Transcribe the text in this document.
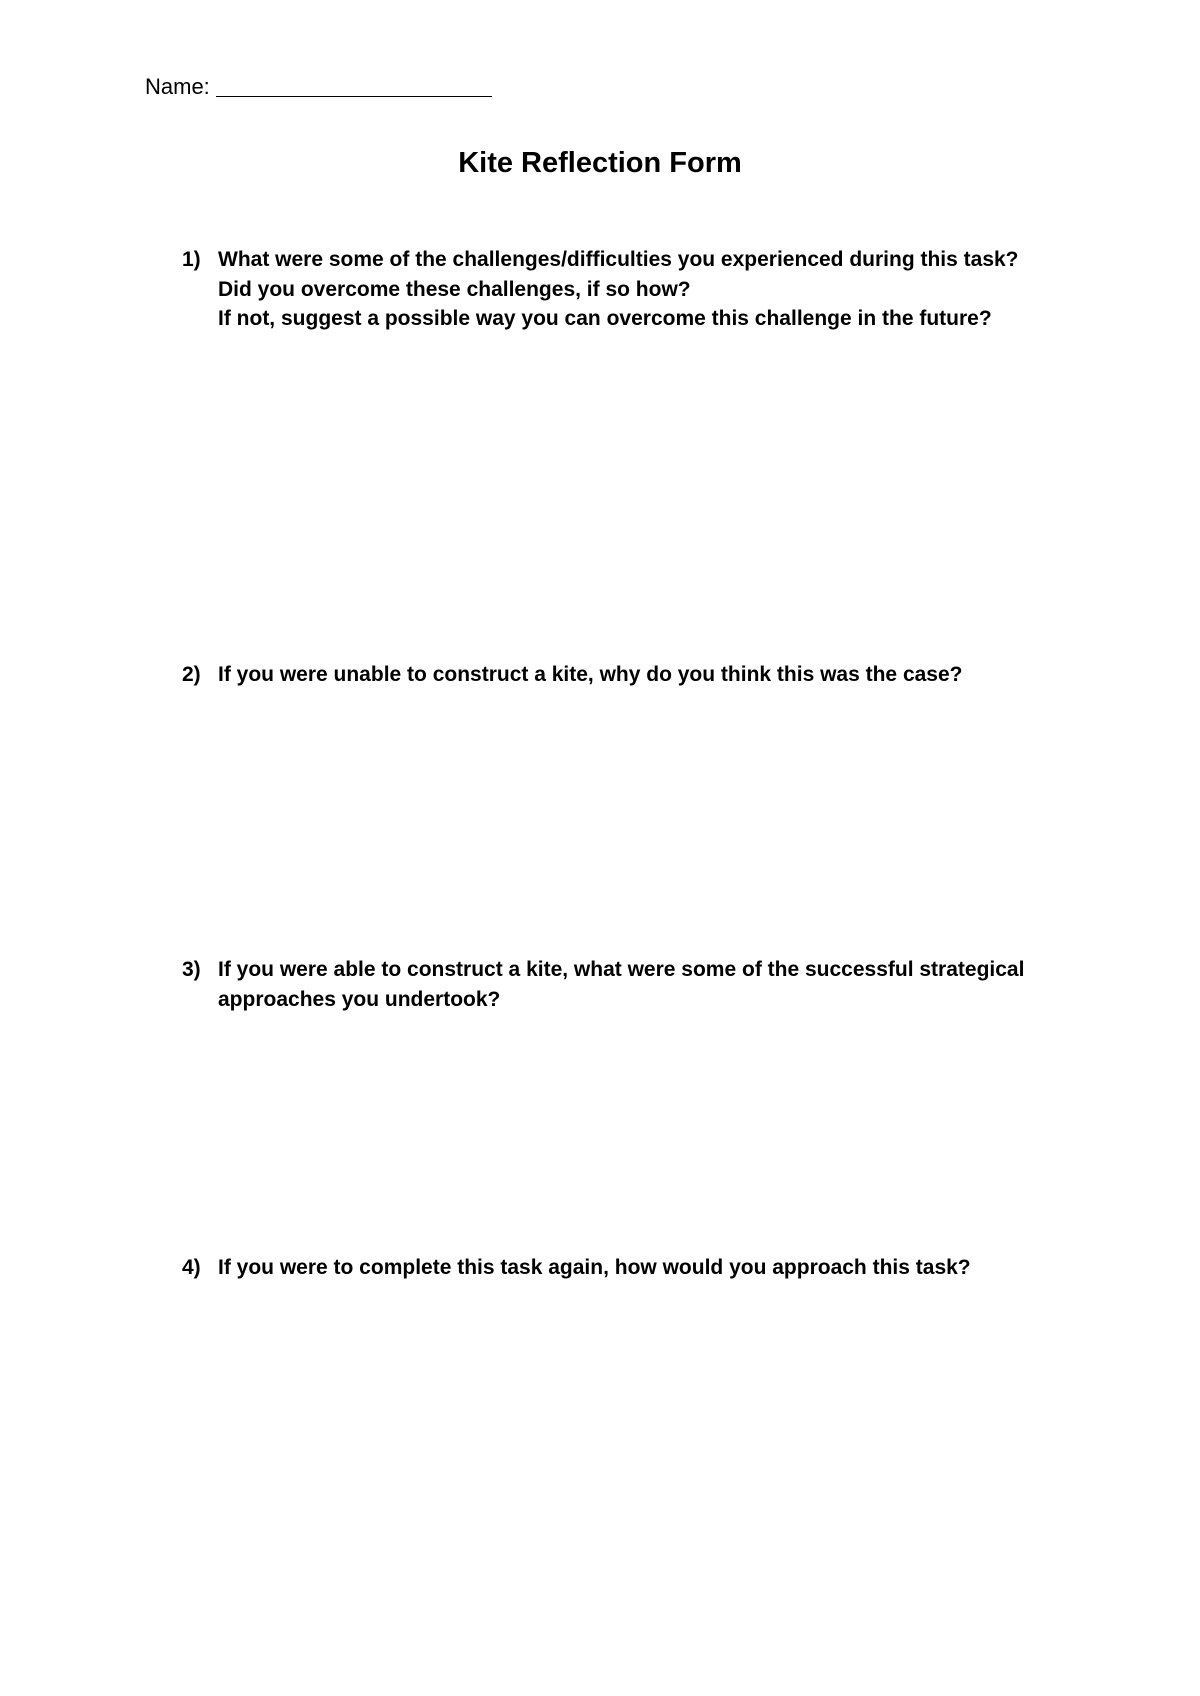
Name:
Kite Reflection Form
1) What were some of the challenges/difficulties you experienced during this task?
Did you overcome these challenges, if so how?
If not, suggest a possible way you can overcome this challenge in the future?
2) If you were unable to construct a kite, why do you think this was the case?
3) If you were able to construct a kite, what were some of the successful strategical
approaches you undertook?
4) If you were to complete this task again, how would you approach this task?
